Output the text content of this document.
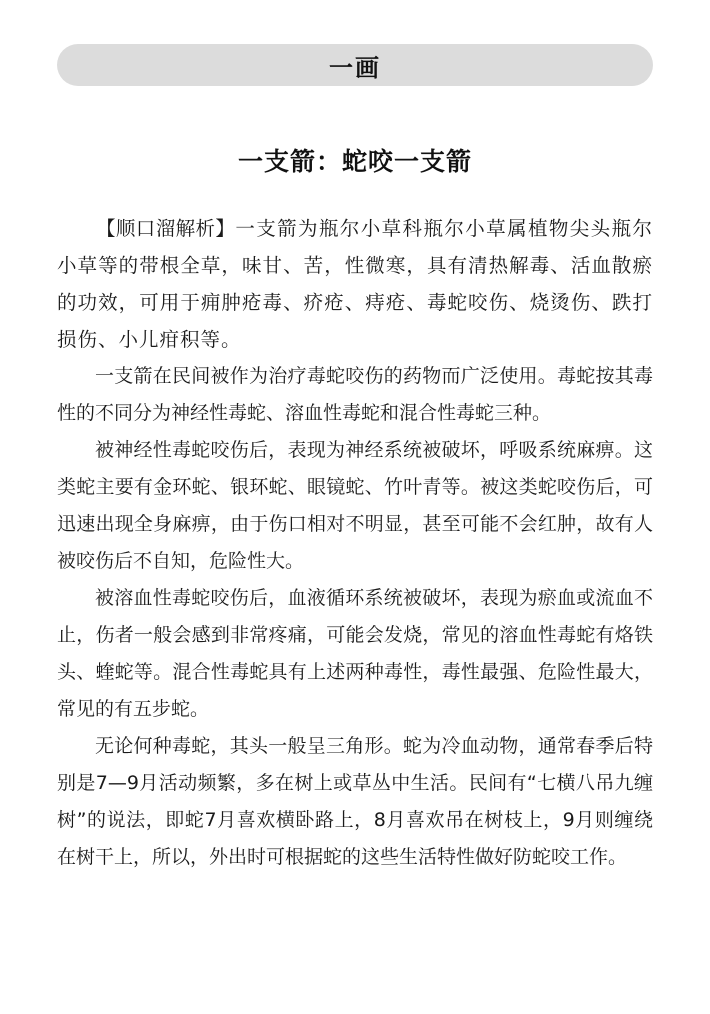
一画
一支箭：蛇咬一支箭

【顺口溜解析】一支箭为瓶尔小草科瓶尔小草属植物尖头瓶尔小草等的带根全草，味甘、苦，性微寒，具有清热解毒、活血散瘀的功效，可用于痈肿疮毒、疥疮、痔疮、毒蛇咬伤、烧烫伤、跌打损伤、小儿疳积等。

一支箭在民间被作为治疗毒蛇咬伤的药物而广泛使用。毒蛇按其毒性的不同分为神经性毒蛇、溶血性毒蛇和混合性毒蛇三种。

被神经性毒蛇咬伤后，表现为神经系统被破坏，呼吸系统麻痹。这类蛇主要有金环蛇、银环蛇、眼镜蛇、竹叶青等。被这类蛇咬伤后，可迅速出现全身麻痹，由于伤口相对不明显，甚至可能不会红肿，故有人被咬伤后不自知，危险性大。

被溶血性毒蛇咬伤后，血液循环系统被破坏，表现为瘀血或流血不止，伤者一般会感到非常疼痛，可能会发烧，常见的溶血性毒蛇有烙铁头、蝰蛇等。混合性毒蛇具有上述两种毒性，毒性最强、危险性最大，常见的有五步蛇。

无论何种毒蛇，其头一般呈三角形。蛇为冷血动物，通常春季后特别是7—9月活动频繁，多在树上或草丛中生活。民间有“七横八吊九缠树”的说法，即蛇7月喜欢横卧路上，8月喜欢吊在树枝上，9月则缠绕在树干上，所以，外出时可根据蛇的这些生活特性做好防蛇咬工作。
